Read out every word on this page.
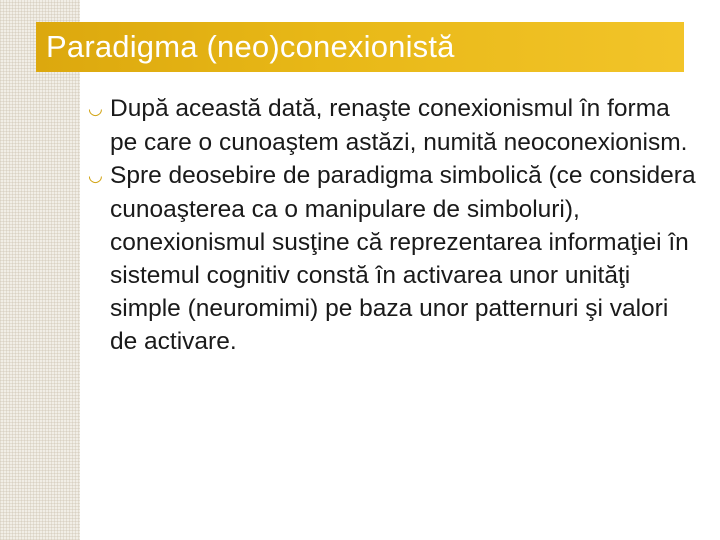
Paradigma (neo)conexionistă
◡ După această dată, renaşte conexionismul în forma pe care o cunoaştem astăzi, numită neoconexionism.
◡ Spre deosebire de paradigma simbolică (ce considera cunoaşterea ca o manipulare de simboluri), conexionismul susţine că reprezentarea informaţiei în sistemul cognitiv constă în activarea unor unităţi simple (neuromimi) pe baza unor patternuri şi valori de activare.
